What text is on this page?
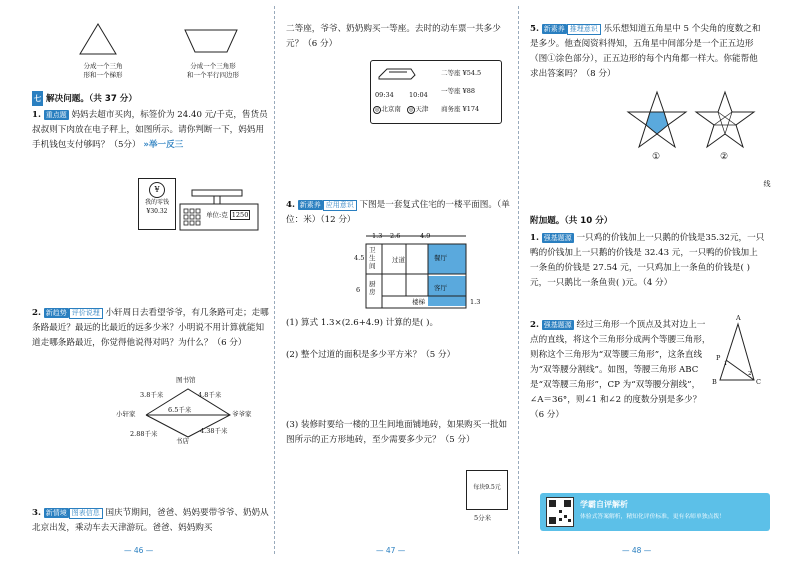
分成一个三角
形和一个梯形
分成一个三角形
和一个平行四边形
七 解决问题。（共 37 分）

1. 重点题 妈妈去超市买肉，标签价为 24.40 元/千克，售货员叔叔则下肉放在电子秤上，如图所示。请你判断一下，妈妈用手机钱包支付够吗？（5分） »举一反三

¥
我的零钱
¥30.32	单位:克 1250

2. 新趋势 评价说理 小轩周日去看望爷爷，有几条路可走；走哪条路最近？最远的比最近的远多少米？小明说不用计算就能知道走哪条路最近，你觉得他说得对吗？为什么？（6 分）

图书馆
小轩家	爷爷家
书店
3.8千米	4.8千米
6.5千米
2.88千米	4.38千米

3. 新情境 图表信息 国庆节期间，爸爸、妈妈要带爷爷、奶奶从北京出发，乘动车去天津游玩。爸爸、妈妈购买

— 46 —

二等座，爷爷、奶奶购买一等座。去时的动车票一共多少元？（6 分）

09:34 10:04
◎ 北京南	◎ 天津
二等座 ¥54.5
一等座 ¥88
商务座 ¥174

4. 新素养 应用意识 下图是一套复式住宅的一楼平面图。（单位：米）（12 分）

1.3 2.6	4.9
4.5
6
卫生间
过道	餐厅
厨房	客厅
楼梯	1.3

(1) 算式 1.3×(2.6+4.9) 计算的是( )。

(2) 整个过道的面积是多少平方米？（5 分）

(3) 装修时要给一楼的卫生间地面铺地砖，如果购买一批如图所示的正方形地砖，至少需要多少元？（5 分）

每块9.5元
5分米
— 47 —

5. 新素养 推理意识 乐乐想知道五角星中 5 个尖角的度数之和是多少。他查阅资料得知，五角星中间部分是一个正五边形（图①涂色部分），正五边形的每个内角都一样大。你能帮他求出答案吗？（8 分）

①	②
附加题。（共 10 分）

1. 强基题源 一只鸡的价钱加上一只鹅的价钱是35.32元，一只鸭的价钱加上一只鹅的价钱是 32.43 元，一只鸭的价钱加上一条鱼的价钱是 27.54 元，一只鸡加上一条鱼的价钱是( )元，一只鹅比一条鱼贵( )元。（4 分）

2. 强基题源 经过三角形一个顶点及其对边上一点的直线，将这个三角形分成两个等腰三角形，则称这个三角形为“双等腰三角形”，这条直线为“双等腰分割线”。如图，等腰三角形 ABC 是“双等腰三角形”，CP 为“双等腰分割线”，∠A＝36°，则∠1 和∠2 的度数分别是多少？（6 分）

A
B	C
P
1
2
学霸自评解析
体验式答案解析，精知化评价标准，更有名师单独点拨！
线
— 48 —
